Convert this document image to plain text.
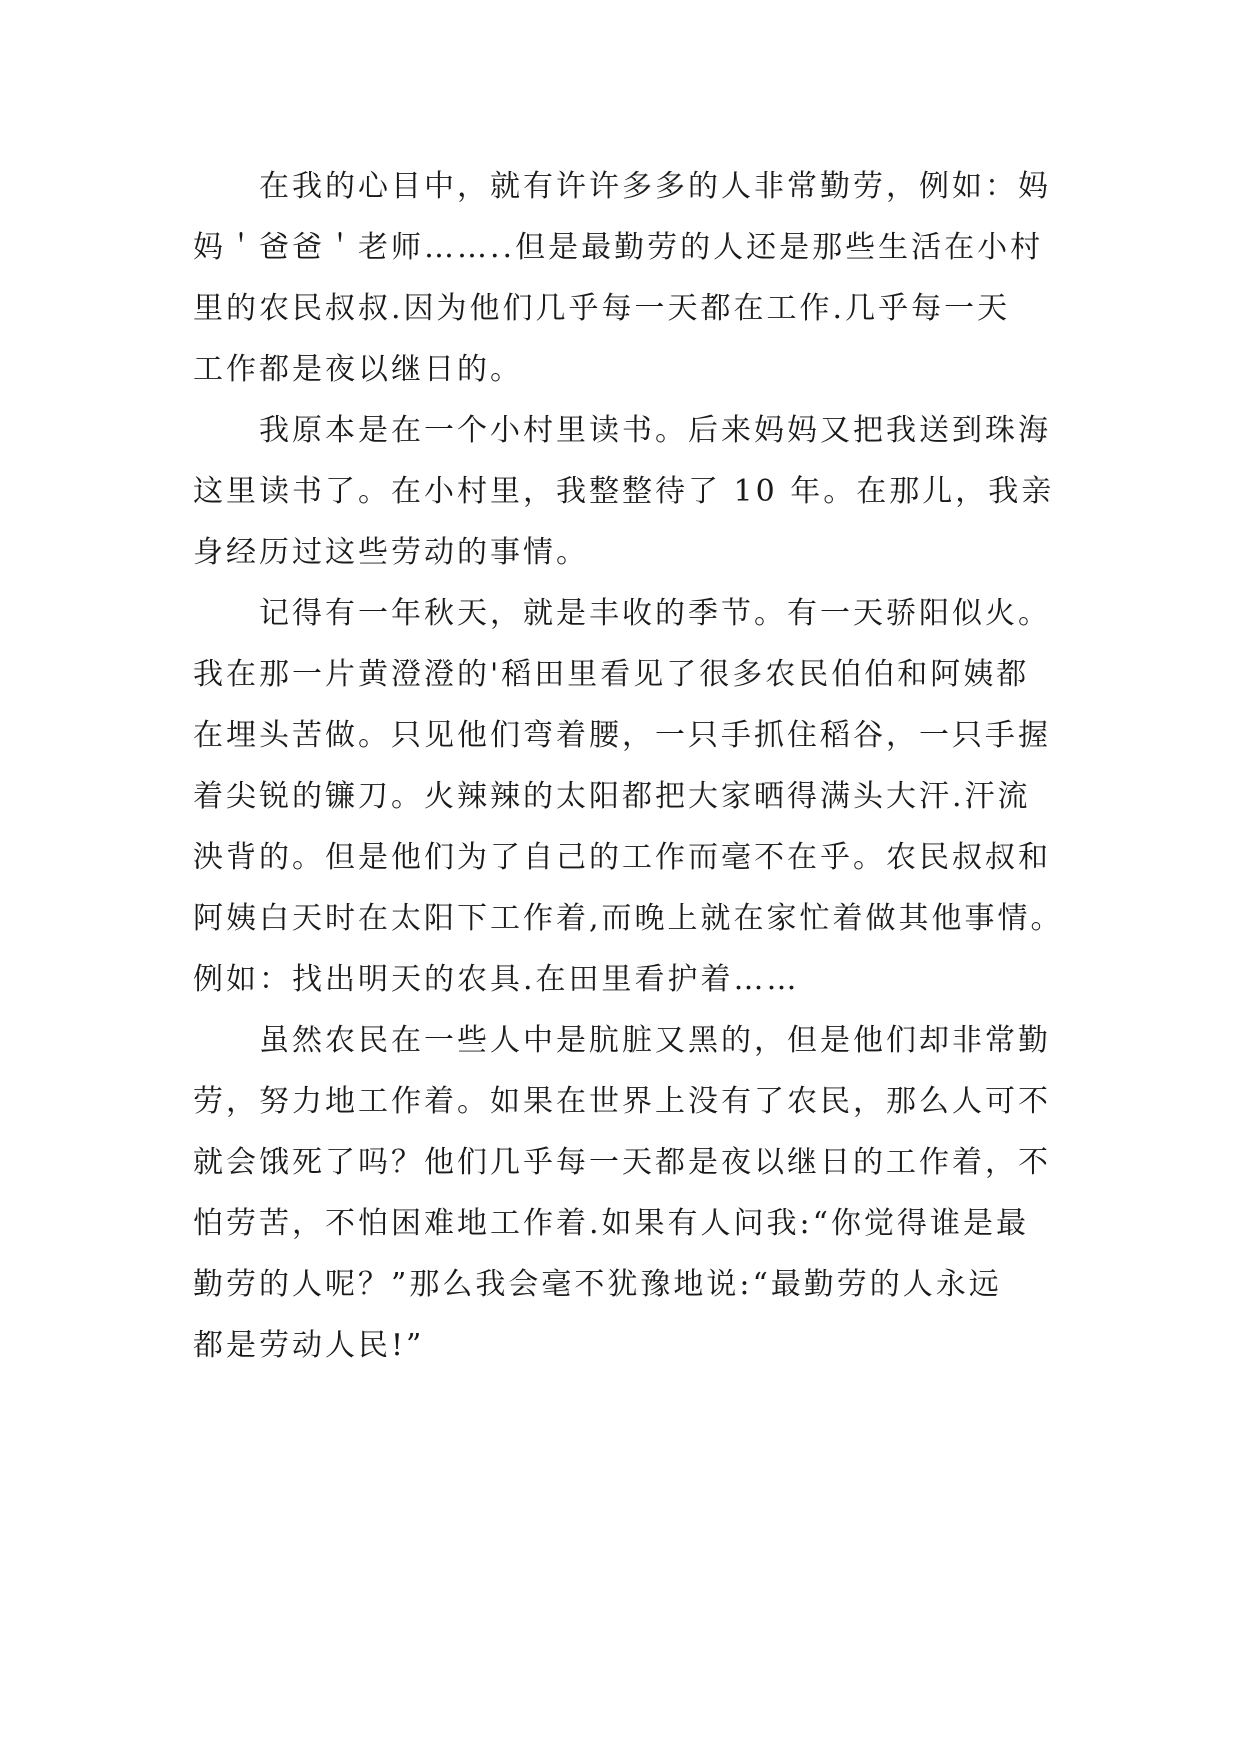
在我的心目中，就有许许多多的人非常勤劳，例如：妈
妈＇爸爸＇老师……..但是最勤劳的人还是那些生活在小村
里的农民叔叔.因为他们几乎每一天都在工作.几乎每一天
工作都是夜以继日的。
我原本是在一个小村里读书。后来妈妈又把我送到珠海
这里读书了。在小村里，我整整待了 10 年。在那儿，我亲
身经历过这些劳动的事情。
记得有一年秋天，就是丰收的季节。有一天骄阳似火。
我在那一片黄澄澄的'稻田里看见了很多农民伯伯和阿姨都
在埋头苦做。只见他们弯着腰，一只手抓住稻谷，一只手握
着尖锐的镰刀。火辣辣的太阳都把大家晒得满头大汗.汗流
泱背的。但是他们为了自己的工作而毫不在乎。农民叔叔和
阿姨白天时在太阳下工作着,而晚上就在家忙着做其他事情。
例如：找出明天的农具.在田里看护着……
虽然农民在一些人中是肮脏又黑的，但是他们却非常勤
劳，努力地工作着。如果在世界上没有了农民，那么人可不
就会饿死了吗？他们几乎每一天都是夜以继日的工作着，不
怕劳苦，不怕困难地工作着.如果有人问我:“你觉得谁是最
勤劳的人呢？”那么我会毫不犹豫地说:“最勤劳的人永远
都是劳动人民!”
